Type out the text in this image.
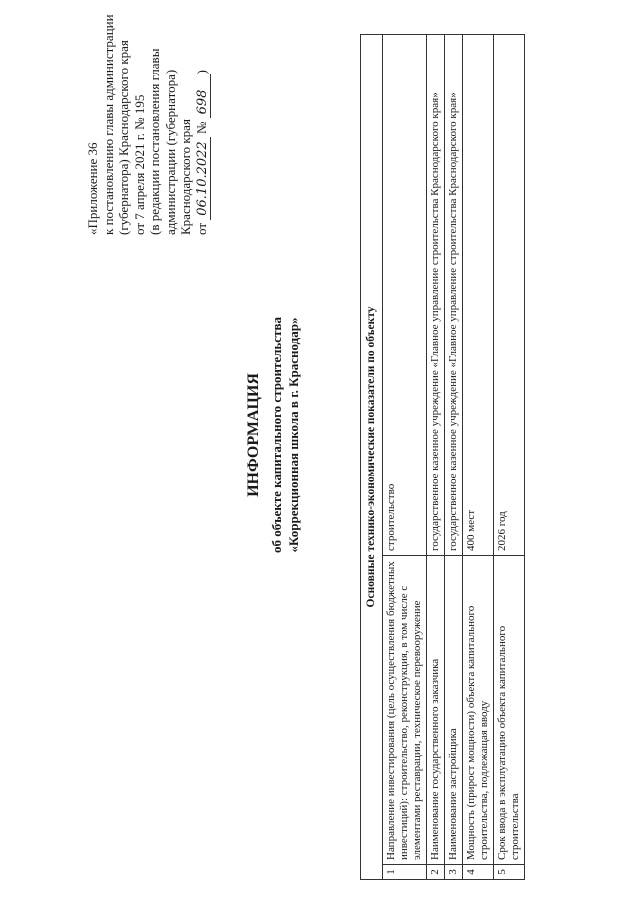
«Приложение 36 к постановлению главы администрации (губернатора) Краснодарского края от 7 апреля 2021 г. № 195 (в редакции постановления главы администрации (губернатора) Краснодарского края от 06.10.2022 № 698)
ИНФОРМАЦИЯ об объекте капитального строительства «Коррекционная школа в г. Краснодар»	Основные технико-экономические показатели по объекту		
1	Направление инвестирования (цель осуществления бюджетных инвестиций): строительство, реконструкция, в том числе с элементами реставрации, техническое перевооружение	строительство
2	Наименование государственного заказчика	государственное казенное учреждение «Главное управление строительства Краснодарского края»
3	Наименование застройщика	государственное казенное учреждение «Главное управление строительства Краснодарского края»
4	Мощность (прирост мощности) объекта капитального строительства, подлежащая вводу	400 мест
5	Срок ввода в эксплуатацию объекта капитального строительства	2026 год
